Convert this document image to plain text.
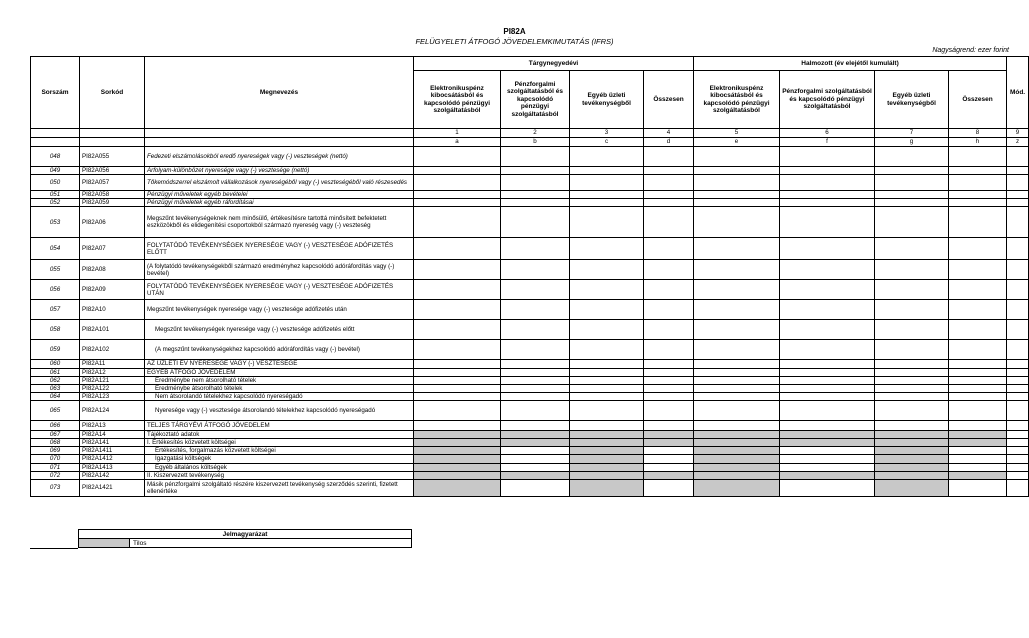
PI82A
FELÜGYELETI ÁTFOGÓ JÖVEDELEMKIMUTATÁS (IFRS)
Nagyságrend: ezer forint
Sorszám	Sorkód	Megnevezés	Tárgynegyedévi				Halmozott (év elejétől kumulált)				Mód.
			Elektronikuspénz kibocsátásból és kapcsolódó pénzügyi szolgáltatásból	Pénzforgalmi szolgáltatásból és kapcsolódó pénzügyi szolgáltatásból	Egyéb üzleti tevékenységből	Összesen	Elektronikuspénz kibocsátásból és kapcsolódó pénzügyi szolgáltatásból	Pénzforgalmi szolgáltatásból és kapcsolódó pénzügyi szolgáltatásból	Egyéb üzleti tevékenységből	Összesen	
			1	2	3	4	5	6	7	8	9
			a	b	c	d	e	f	g	h	z
048	PI82A055	Fedezeti elszámolásokból eredő nyereségek vagy (-) veszteségek (nettó)									
049	PI82A056	Árfolyam-különbözet nyeresége vagy (-) vesztesége (nettó)									
050	PI82A057	Tőkemódszerrel elszámolt vállalkozások nyereségéből vagy (-) veszteségéből való részesedés									
051	PI82A058	Pénzügyi műveletek egyéb bevételei									
052	PI82A059	Pénzügyi műveletek egyéb ráfordításai									
053	PI82A06	Megszűnt tevékenységeknek nem minősülő, értékesítésre tartottá minősített befektetett eszközökből és elidegenítési csoportokból származó nyereség vagy (-) veszteség									
054	PI82A07	FOLYTATÓDÓ TEVÉKENYSÉGEK NYERESÉGE VAGY (-) VESZTESÉGE ADÓFIZETÉS ELŐTT									
055	PI82A08	(A folytatódó tevékenységekből származó eredményhez kapcsolódó adóráfordítás vagy (-) bevétel)									
056	PI82A09	FOLYTATÓDÓ TEVÉKENYSÉGEK NYERESÉGE VAGY (-) VESZTESÉGE ADÓFIZETÉS UTÁN									
057	PI82A10	Megszűnt tevékenységek nyeresége vagy (-) vesztesége adófizetés után									
058	PI82A101	Megszűnt tevékenységek nyeresége vagy (-) vesztesége adófizetés előtt									
059	PI82A102	(A megszűnt tevékenységekhez kapcsolódó adóráfordítás vagy (-) bevétel)									
060	PI82A11	AZ ÜZLETI ÉV NYERESÉGE VAGY (-) VESZTESÉGE									
061	PI82A12	EGYÉB ÁTFOGÓ JÖVEDELEM									
062	PI82A121	Eredménybe nem átsorolható tételek									
063	PI82A122	Eredménybe átsorolható tételek									
064	PI82A123	Nem átsorolandó tételekhez kapcsolódó nyereségadó									
065	PI82A124	Nyeresége vagy (-) vesztesége átsorolandó tételekhez kapcsolódó nyereségadó									
066	PI82A13	TELJES TÁRGYÉVI ÁTFOGÓ JÖVEDELEM									
067	PI82A14	Tájékoztató adatok									
068	PI82A141	I. Értékesítés közvetett költségei									
069	PI82A1411	Értékesítés, forgalmazás közvetett költségei									
070	PI82A1412	Igazgatási költségek									
071	PI82A1413	Egyéb általános költségek									
072	PI82A142	II. Kiszervezett tevékenység									
073	PI82A1421	Másik pénzforgalmi szolgáltató részére kiszervezett tevékenység szerződés szerinti, fizetett ellenértéke									
Jelmagyarázat
	Tilos
